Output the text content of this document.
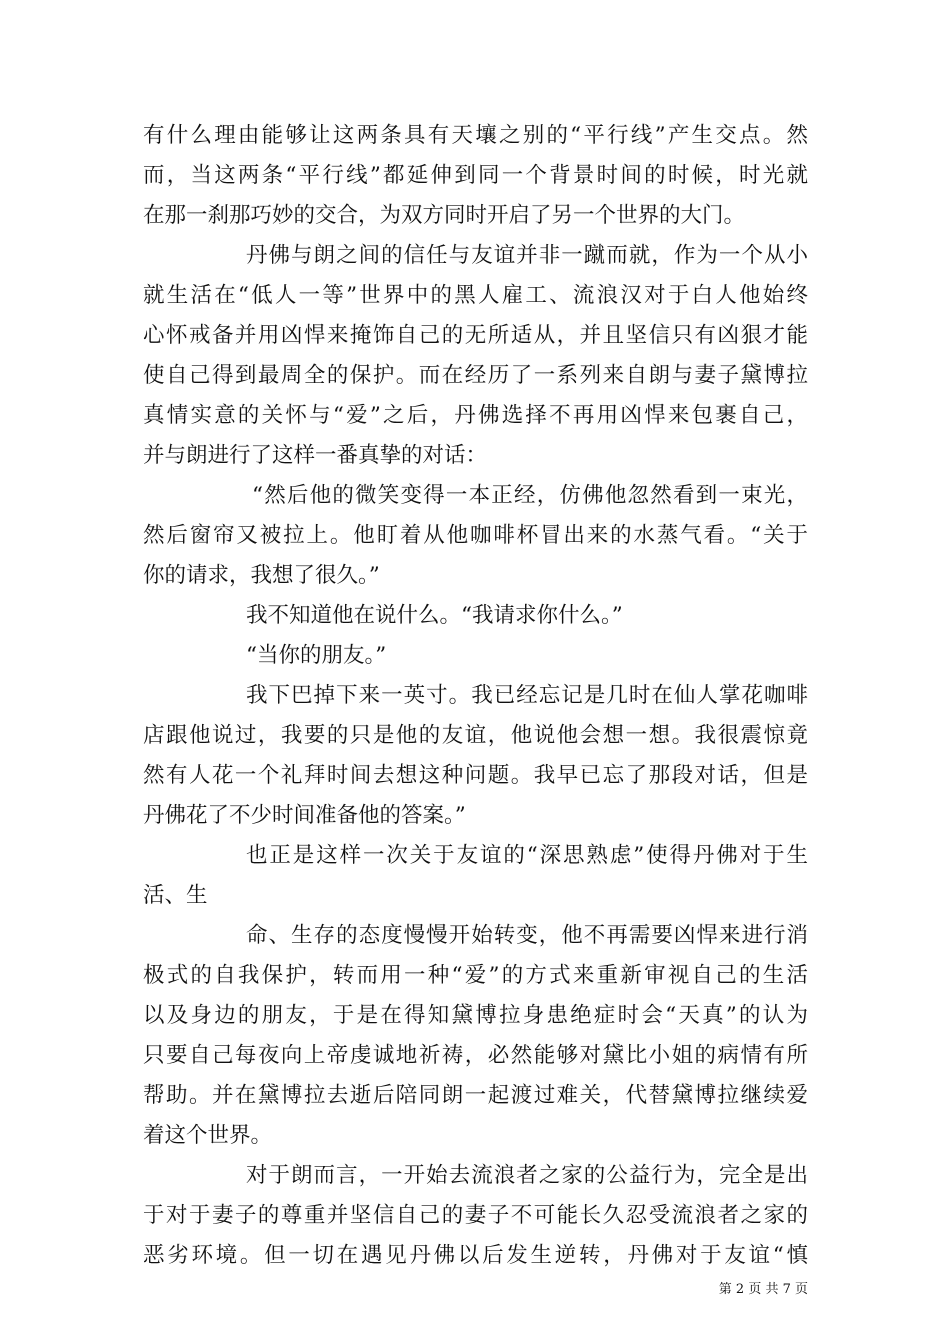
有什么理由能够让这两条具有天壤之别的“平行线”产生交点。然
而，当这两条“平行线”都延伸到同一个背景时间的时候，时光就
在那一刹那巧妙的交合，为双方同时开启了另一个世界的大门。
丹佛与朗之间的信任与友谊并非一蹴而就，作为一个从小
就生活在“低人一等”世界中的黑人雇工、流浪汉对于白人他始终
心怀戒备并用凶悍来掩饰自己的无所适从，并且坚信只有凶狠才能
使自己得到最周全的保护。而在经历了一系列来自朗与妻子黛博拉
真情实意的关怀与“爱”之后，丹佛选择不再用凶悍来包裹自己，
并与朗进行了这样一番真挚的对话：
“然后他的微笑变得一本正经，仿佛他忽然看到一束光，
然后窗帘又被拉上。他盯着从他咖啡杯冒出来的水蒸气看。“关于
你的请求，我想了很久。”
我不知道他在说什么。“我请求你什么。”
“当你的朋友。”
我下巴掉下来一英寸。我已经忘记是几时在仙人掌花咖啡
店跟他说过，我要的只是他的友谊，他说他会想一想。我很震惊竟
然有人花一个礼拜时间去想这种问题。我早已忘了那段对话，但是
丹佛花了不少时间准备他的答案。”
也正是这样一次关于友谊的“深思熟虑”使得丹佛对于生
活、生
命、生存的态度慢慢开始转变，他不再需要凶悍来进行消
极式的自我保护，转而用一种“爱”的方式来重新审视自己的生活
以及身边的朋友，于是在得知黛博拉身患绝症时会“天真”的认为
只要自己每夜向上帝虔诚地祈祷，必然能够对黛比小姐的病情有所
帮助。并在黛博拉去逝后陪同朗一起渡过难关，代替黛博拉继续爱
着这个世界。
对于朗而言，一开始去流浪者之家的公益行为，完全是出
于对于妻子的尊重并坚信自己的妻子不可能长久忍受流浪者之家的
恶劣环境。但一切在遇见丹佛以后发生逆转，丹佛对于友谊“慎
第 2 页 共 7 页
